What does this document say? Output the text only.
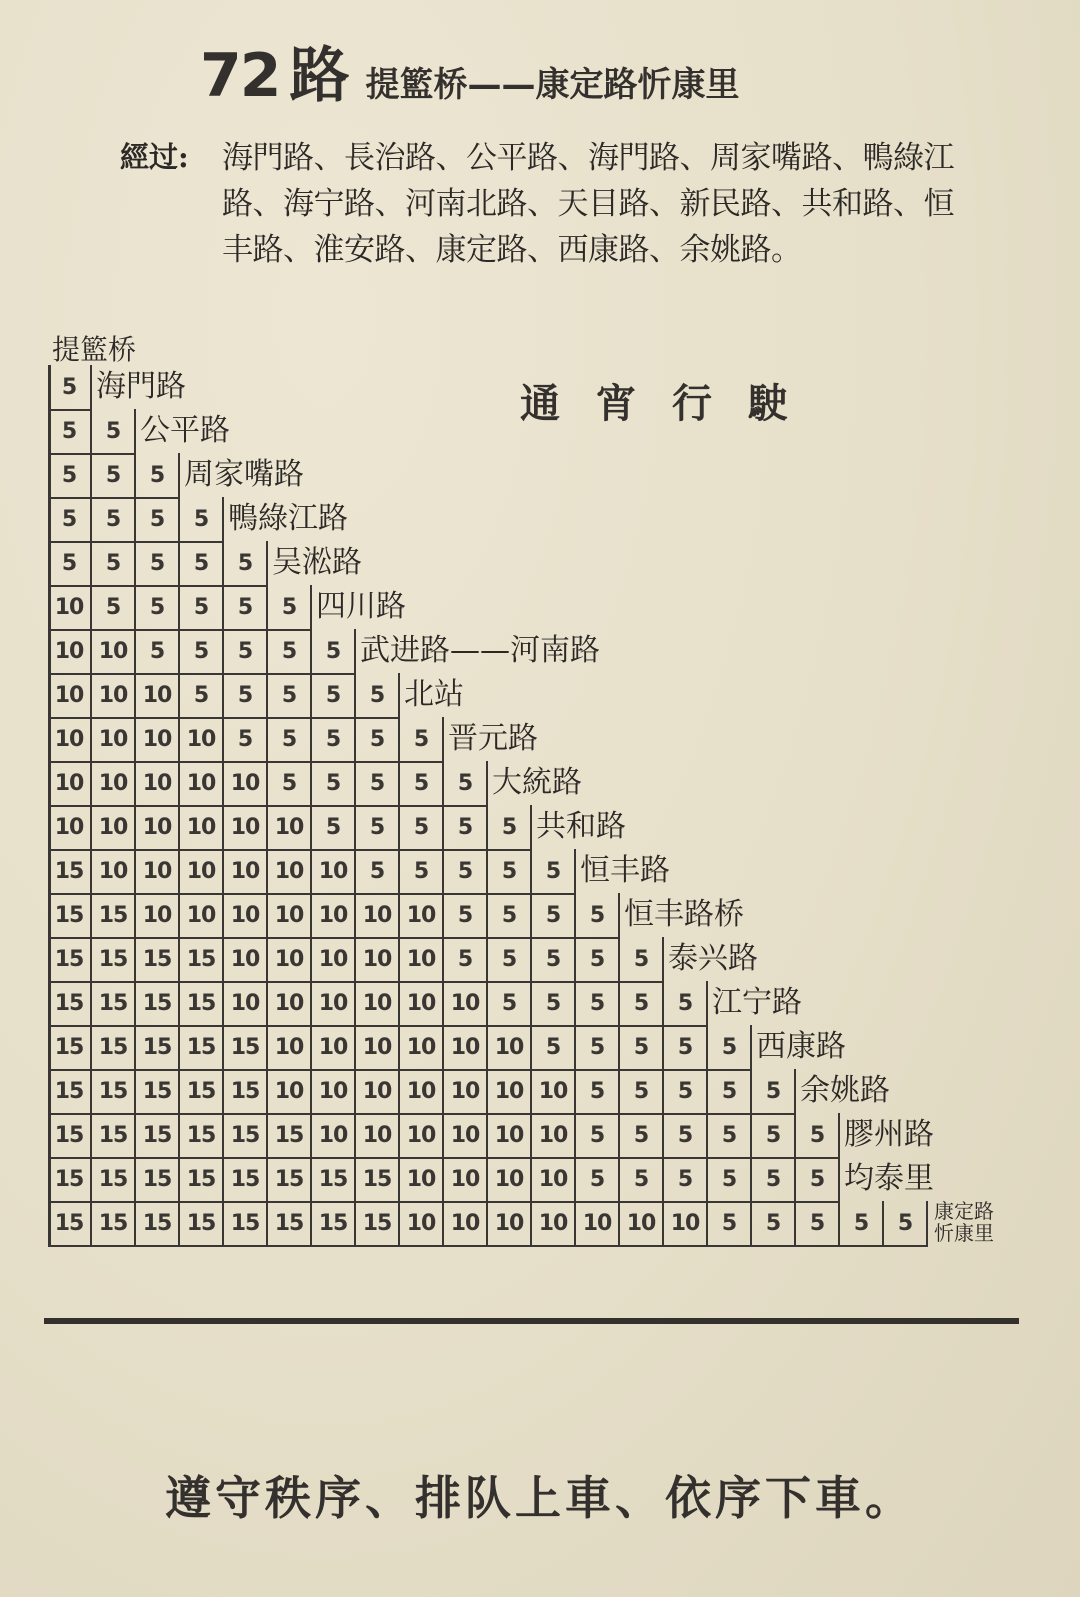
72 路 提籃桥——康定路忻康里
經过: 海門路、長治路、公平路、海門路、周家嘴路、鴨綠江路、海宁路、河南北路、天目路、新民路、共和路、恒丰路、淮安路、康定路、西康路、余姚路。
通宵行駛
提籃桥
5 海門路
5	5 公平路
5	5	5 周家嘴路
5	5	5	5 鴨綠江路
5	5	5	5	5 吴淞路
10	5	5	5	5	5 四川路
10 10	5	5	5	5	5 武进路——河南路
10 10 10	5	5	5	5	5 北站
10 10 10 10	5	5	5	5	5 晋元路
10 10 10 10 10	5	5	5	5	5 大統路
10 10 10 10 10 10	5	5	5	5	5 共和路
15 10 10 10 10 10 10	5	5	5	5	5 恒丰路
15 15 10 10 10 10 10 10 10	5	5	5	5 恒丰路桥
15 15 15 15 10 10 10 10 10	5	5	5	5	5 泰兴路
15 15 15 15 10 10 10 10 10 10	5	5	5	5	5 江宁路
15 15 15 15 15 10 10 10 10 10 10	5	5	5	5	5 西康路
15 15 15 15 15 10 10 10 10 10 10 10	5	5	5	5	5 余姚路
15 15 15 15 15 15 10 10 10 10 10 10	5	5	5	5	5	5 膠州路
15 15 15 15 15 15 15 15 10 10 10 10	5	5	5	5	5	5 均泰里
15 15 15 15 15 15 15 15 10 10 10 10 10 10 10	5	5	5	5	5	康定路
忻康里
遵守秩序、排队上車、依序下車。
